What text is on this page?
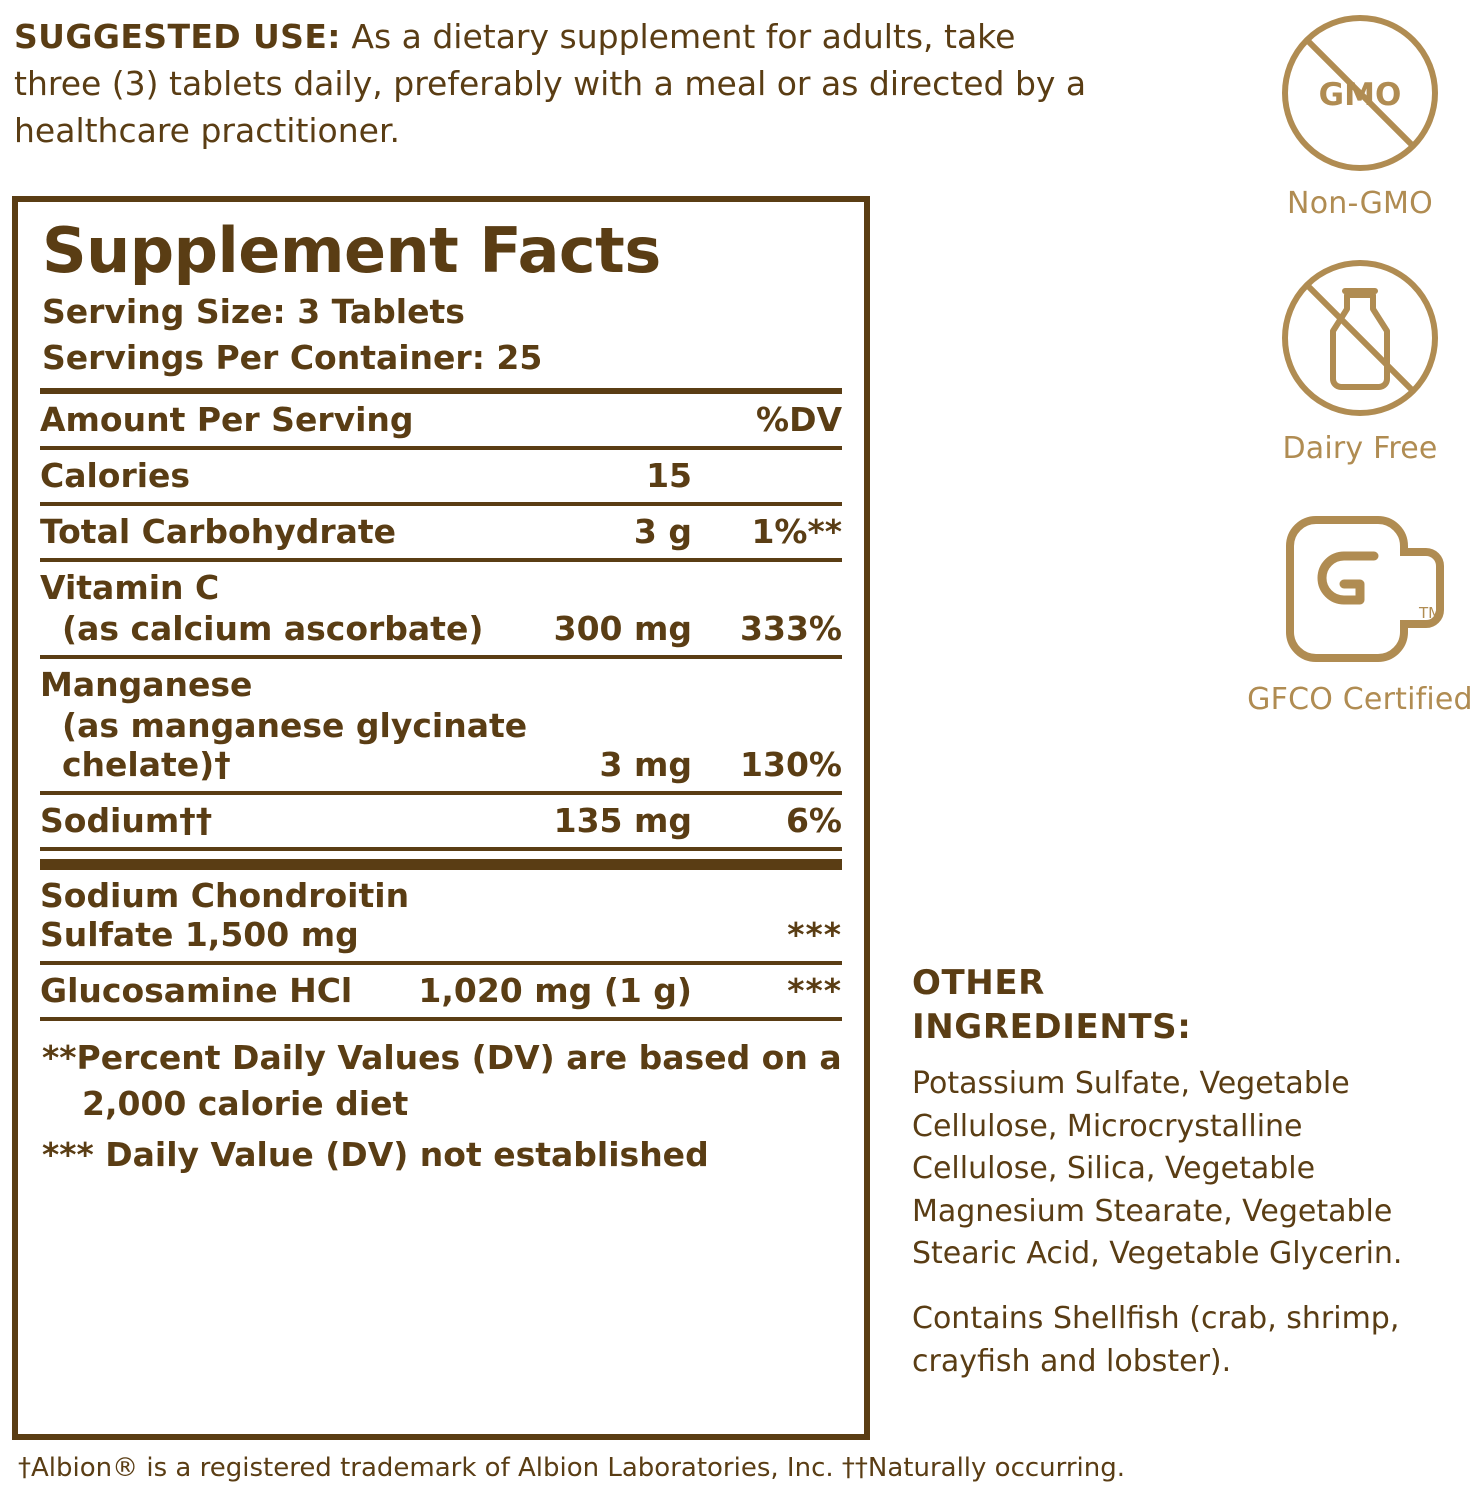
SUGGESTED USE: As a dietary supplement for adults, take three (3) tablets daily, preferably with a meal or as directed by a healthcare practitioner.
Supplement Facts
Serving Size: 3 Tablets
Servings Per Container: 25
Amount Per Serving		%DV
Calories	15	
Total Carbohydrate	3 g	1%**
Vitamin C
(as calcium ascorbate)	300 mg	333%
Manganese
(as manganese glycinate chelate)†	3 mg	130%
Sodium††	135 mg	6%
Sodium Chondroitin Sulfate 1,500 mg		***
Glucosamine HCl	1,020 mg (1 g)	***

**Percent Daily Values (DV) are based on a
2,000 calorie diet

*** Daily Value (DV) not established

GMO
Non-GMO
Dairy Free
TM
GFCO Certified
OTHER
INGREDIENTS:

Potassium Sulfate, Vegetable Cellulose, Microcrystalline Cellulose, Silica, Vegetable Magnesium Stearate, Vegetable Stearic Acid, Vegetable Glycerin.

Contains Shellfish (crab, shrimp, crayfish and lobster).

†Albion® is a registered trademark of Albion Laboratories, Inc. ††Naturally occurring.
